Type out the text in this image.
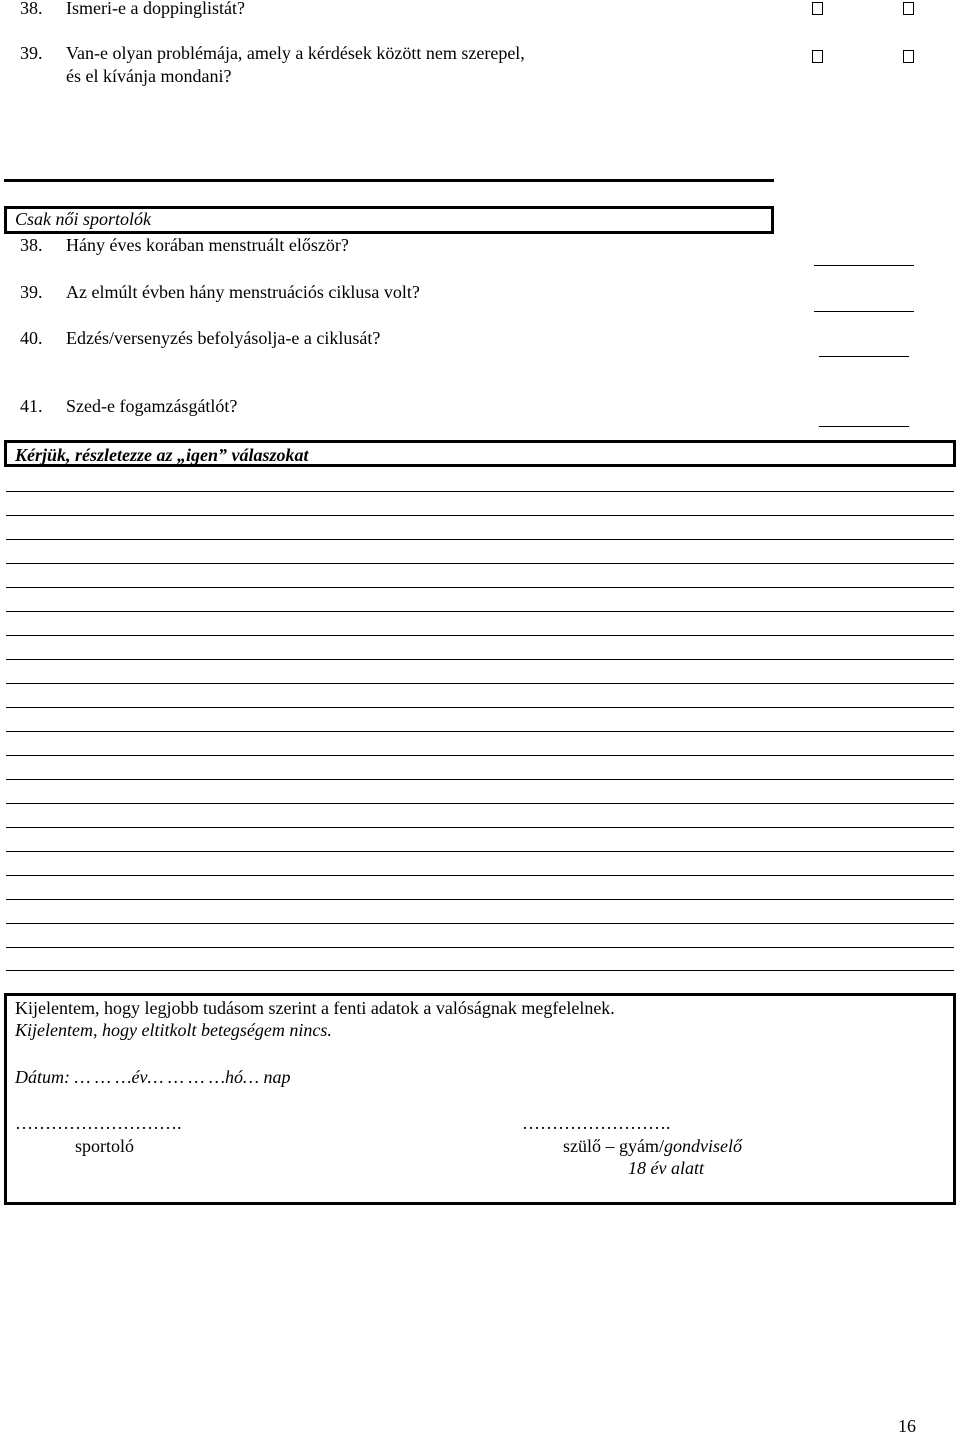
38. Ismeri-e a doppinglistát?
39. Van-e olyan problémája, amely a kérdések között nem szerepel,
és el kívánja mondani?
Csak női sportolók
38. Hány éves korában menstruált először?
39. Az elmúlt évben hány menstruációs ciklusa volt?
40. Edzés/versenyzés befolyásolja-e a ciklusát?
41. Szed-e fogamzásgátlót?
Kérjük, részletezze az „igen” válaszokat
Kijelentem, hogy legjobb tudásom szerint a fenti adatok a valóságnak megfelelnek.
Kijelentem, hogy eltitkolt betegségem nincs.
Dátum: … … …év… … … …hó… nap
……………………….
sportoló
…………………….
szülő – gyám/gondviselő
18 év alatt
16
